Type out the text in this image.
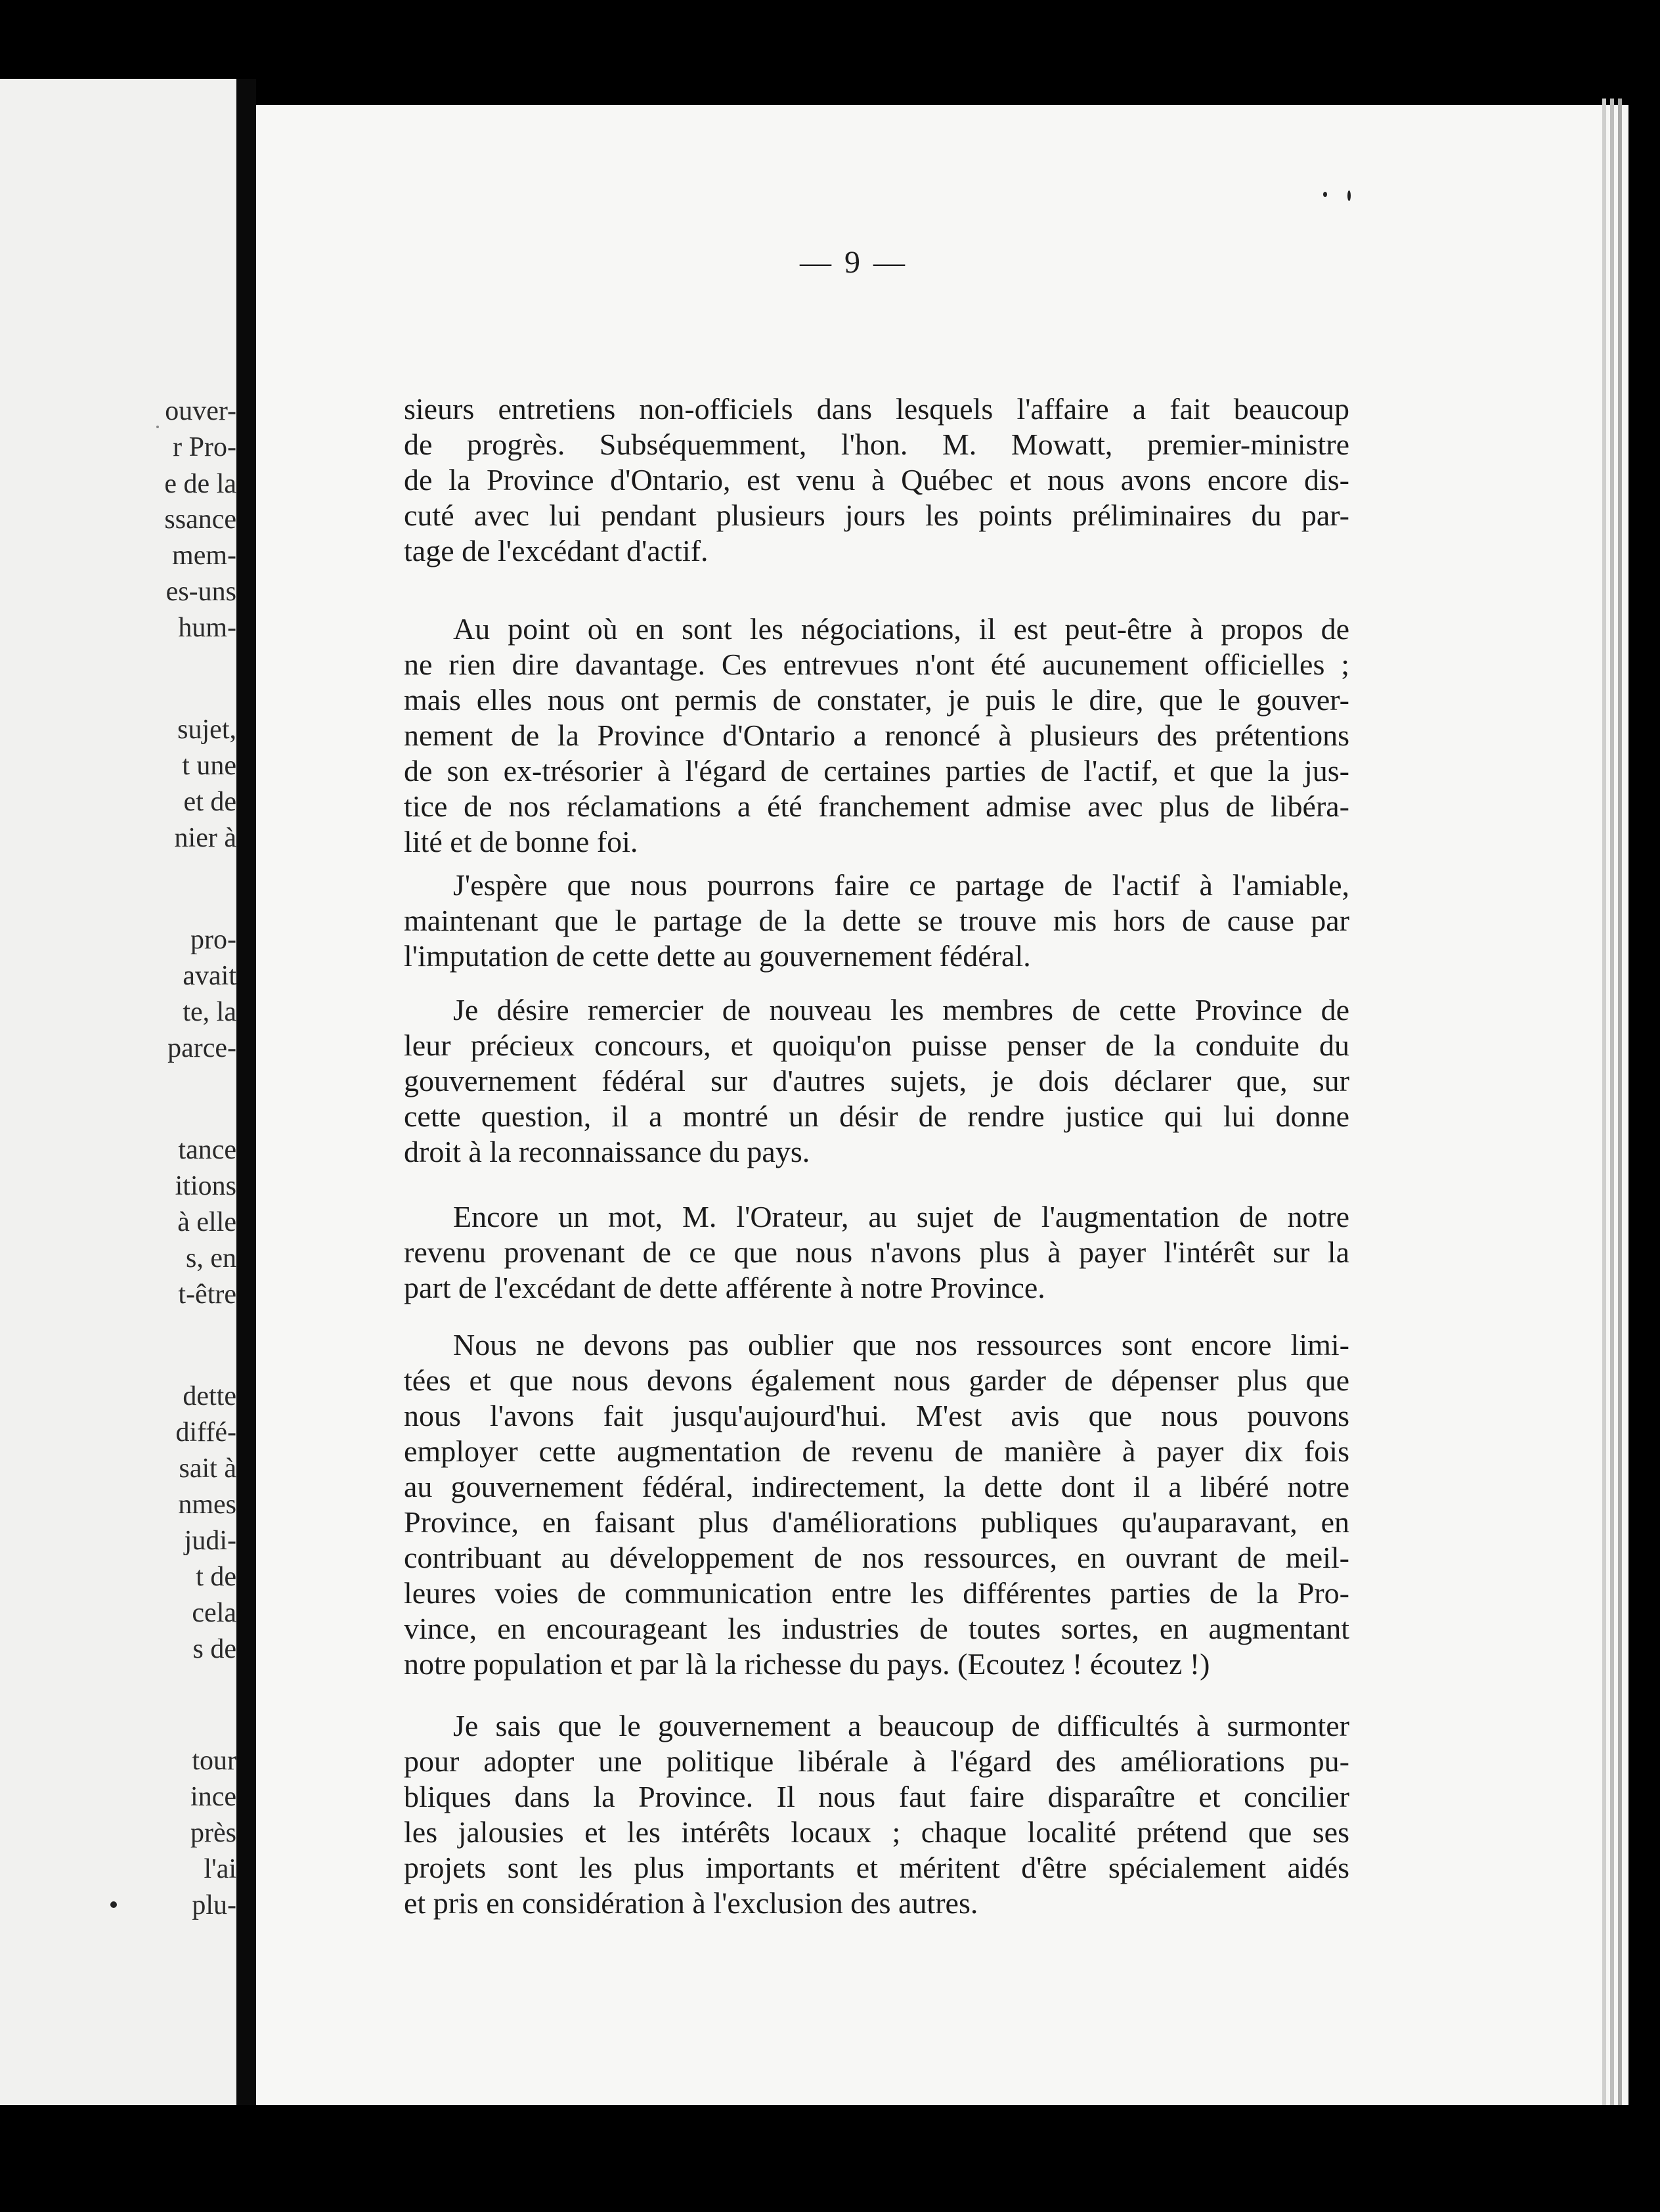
ouver-
r Pro-
e de la
ssance
mem-
es-uns
hum-
sujet,
t une
et de
nier à
pro-
avait
te, la
parce-
tance
itions
à elle
s, en
t-être
dette
diffé-
sait à
nmes
judi-
t de
cela
s de
tour
ince
près
l'ai
plu-
— 9 —
sieurs entretiens non-officiels dans lesquels l'affaire a fait beaucoup
de progrès. Subséquemment, l'hon. M. Mowatt, premier-ministre
de la Province d'Ontario, est venu à Québec et nous avons encore dis-
cuté avec lui pendant plusieurs jours les points préliminaires du par-
tage de l'excédant d'actif.
Au point où en sont les négociations, il est peut-être à propos de
ne rien dire davantage. Ces entrevues n'ont été aucunement officielles ;
mais elles nous ont permis de constater, je puis le dire, que le gouver-
nement de la Province d'Ontario a renoncé à plusieurs des prétentions
de son ex-trésorier à l'égard de certaines parties de l'actif, et que la jus-
tice de nos réclamations a été franchement admise avec plus de libéra-
lité et de bonne foi.
J'espère que nous pourrons faire ce partage de l'actif à l'amiable,
maintenant que le partage de la dette se trouve mis hors de cause par
l'imputation de cette dette au gouvernement fédéral.
Je désire remercier de nouveau les membres de cette Province de
leur précieux concours, et quoiqu'on puisse penser de la conduite du
gouvernement fédéral sur d'autres sujets, je dois déclarer que, sur
cette question, il a montré un désir de rendre justice qui lui donne
droit à la reconnaissance du pays.
Encore un mot, M. l'Orateur, au sujet de l'augmentation de notre
revenu provenant de ce que nous n'avons plus à payer l'intérêt sur la
part de l'excédant de dette afférente à notre Province.
Nous ne devons pas oublier que nos ressources sont encore limi-
tées et que nous devons également nous garder de dépenser plus que
nous l'avons fait jusqu'aujourd'hui. M'est avis que nous pouvons
employer cette augmentation de revenu de manière à payer dix fois
au gouvernement fédéral, indirectement, la dette dont il a libéré notre
Province, en faisant plus d'améliorations publiques qu'auparavant, en
contribuant au développement de nos ressources, en ouvrant de meil-
leures voies de communication entre les différentes parties de la Pro-
vince, en encourageant les industries de toutes sortes, en augmentant
notre population et par là la richesse du pays. (Ecoutez ! écoutez !)
Je sais que le gouvernement a beaucoup de difficultés à surmonter
pour adopter une politique libérale à l'égard des améliorations pu-
bliques dans la Province. Il nous faut faire disparaître et concilier
les jalousies et les intérêts locaux ; chaque localité prétend que ses
projets sont les plus importants et méritent d'être spécialement aidés
et pris en considération à l'exclusion des autres.
